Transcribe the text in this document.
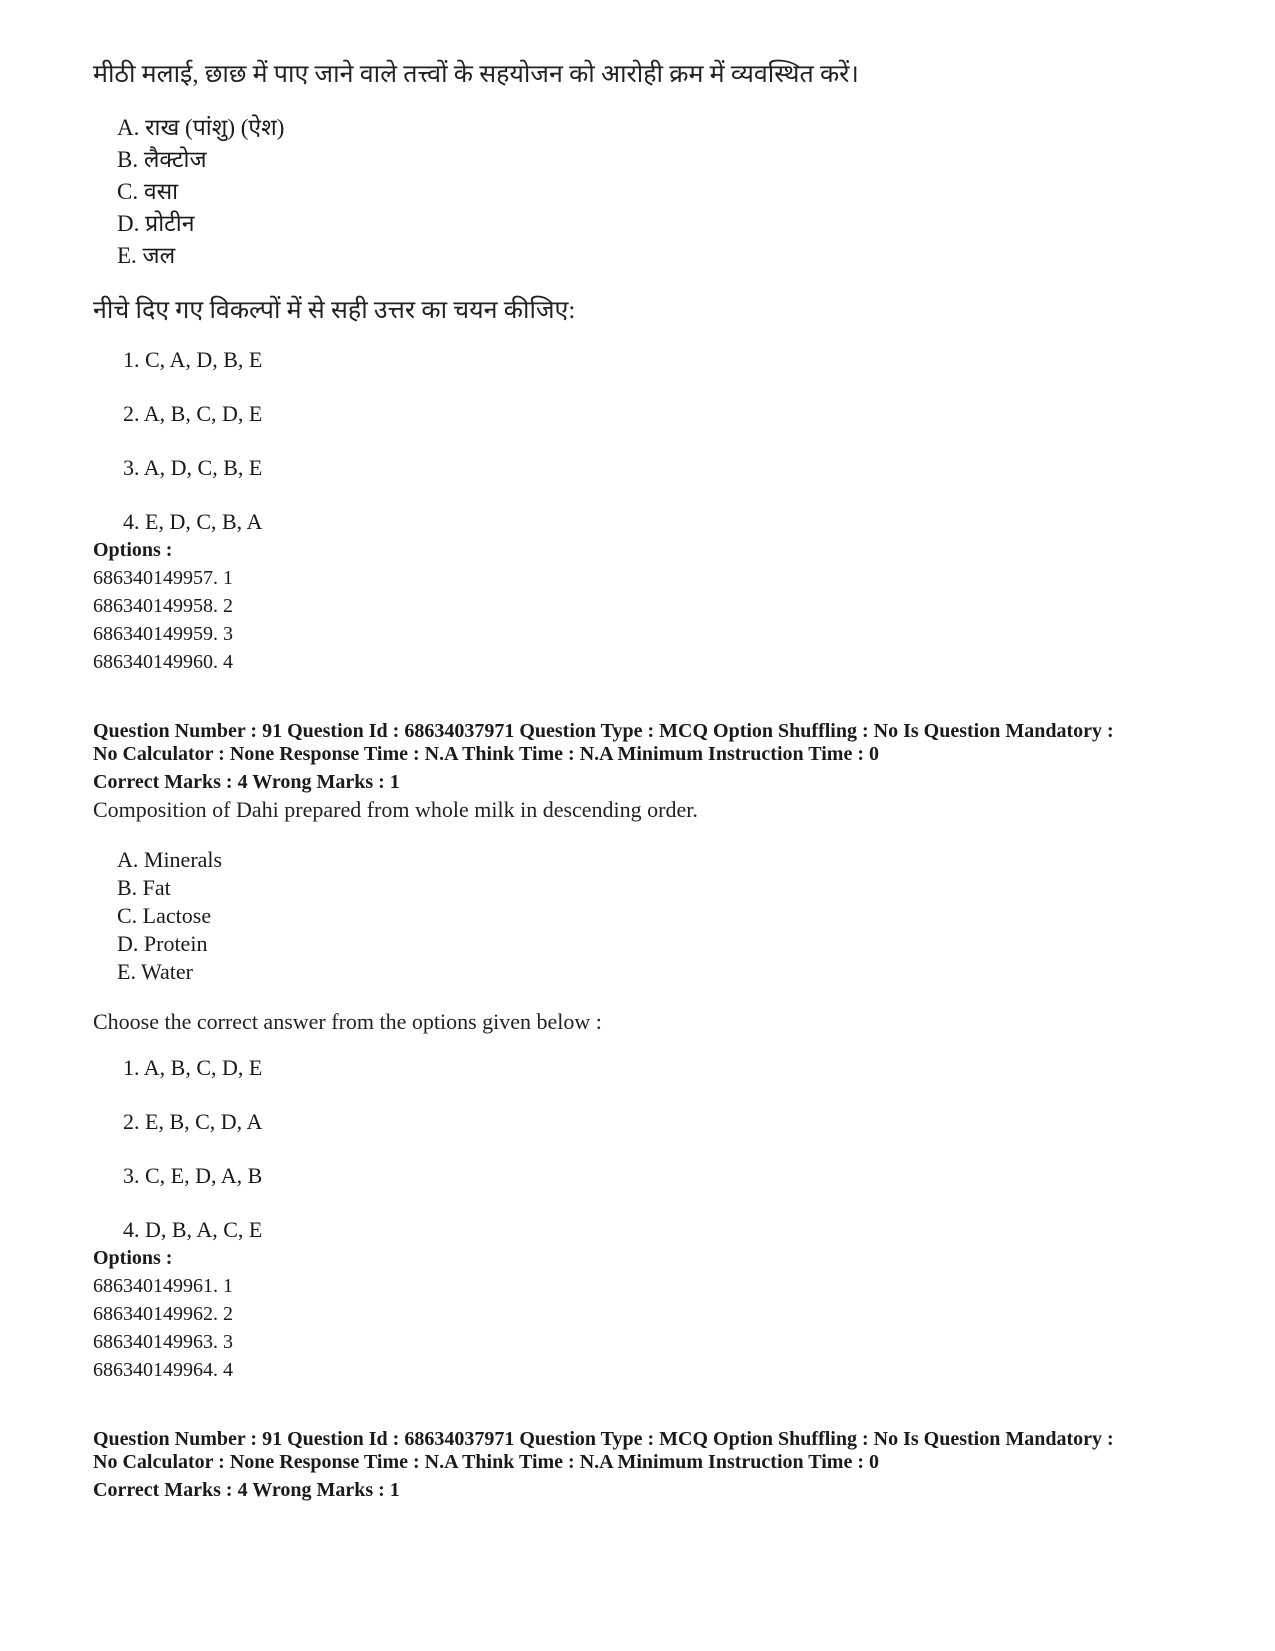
मीठी मलाई, छाछ में पाए जाने वाले तत्त्वों के सहयोजन को आरोही क्रम में व्यवस्थित करें।

A. राख (पांशु) (ऐश)
B. लैक्टोज
C. वसा
D. प्रोटीन
E. जल

नीचे दिए गए विकल्पों में से सही उत्तर का चयन कीजिए:

1. C, A, D, B, E
2. A, B, C, D, E
3. A, D, C, B, E
4. E, D, C, B, A

Options :

686340149957. 1
686340149958. 2
686340149959. 3
686340149960. 4

Question Number : 91 Question Id : 68634037971 Question Type : MCQ Option Shuffling : No Is Question Mandatory :

No Calculator : None Response Time : N.A Think Time : N.A Minimum Instruction Time : 0

Correct Marks : 4 Wrong Marks : 1

Composition of Dahi prepared from whole milk in descending order.

A. Minerals
B. Fat
C. Lactose
D. Protein
E. Water

Choose the correct answer from the options given below :

1. A, B, C, D, E
2. E, B, C, D, A
3. C, E, D, A, B
4. D, B, A, C, E

Options :

686340149961. 1
686340149962. 2
686340149963. 3
686340149964. 4

Question Number : 91 Question Id : 68634037971 Question Type : MCQ Option Shuffling : No Is Question Mandatory :

No Calculator : None Response Time : N.A Think Time : N.A Minimum Instruction Time : 0

Correct Marks : 4 Wrong Marks : 1
